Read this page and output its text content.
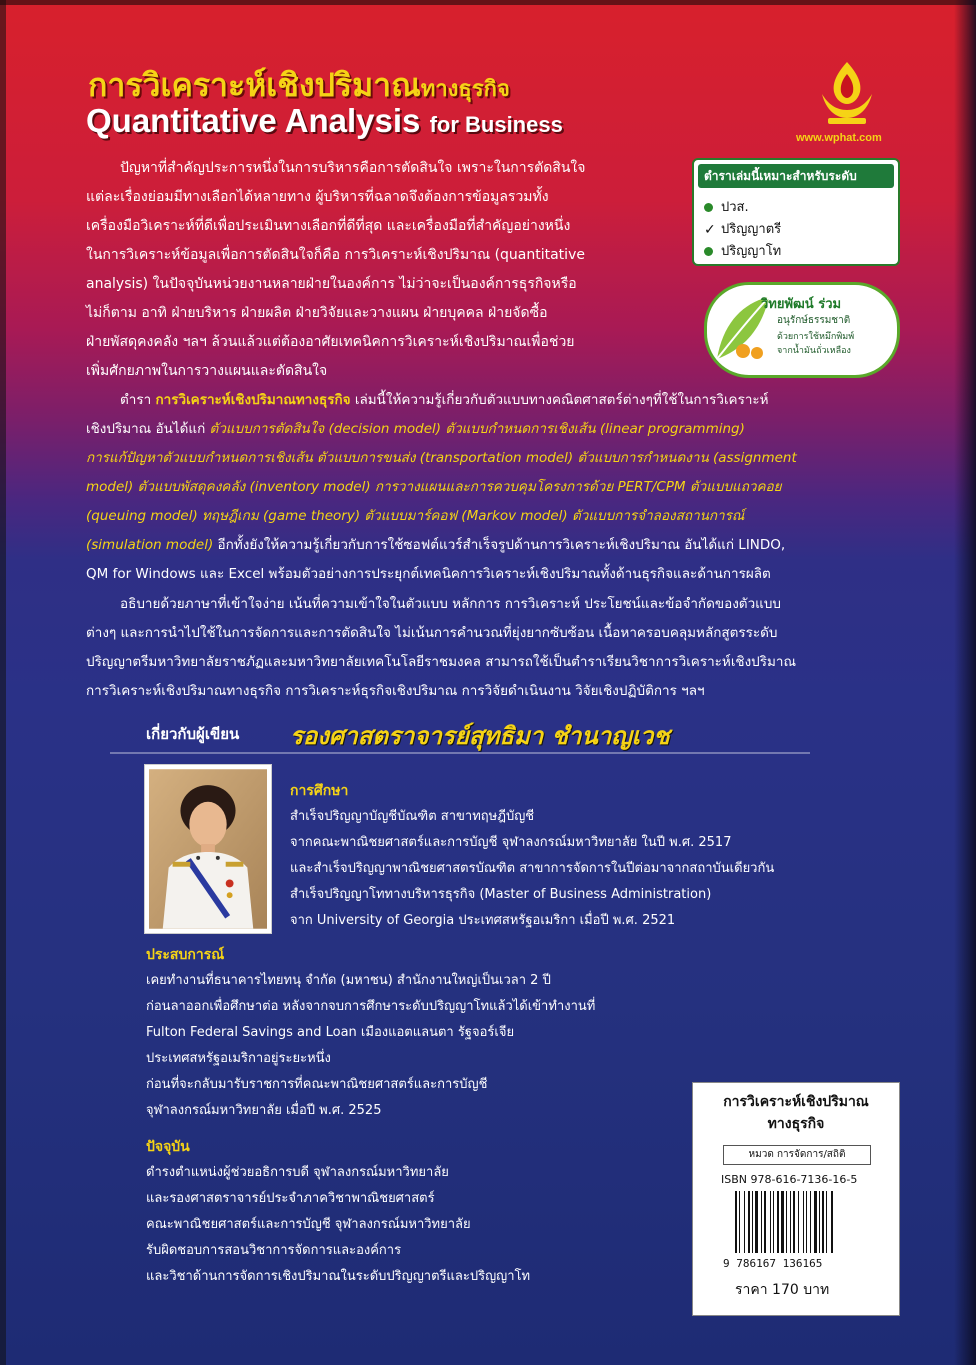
การวิเคราะห์เชิงปริมาณทางธุรกิจ
Quantitative Analysis for Business
www.wphat.com
ตำราเล่มนี้เหมาะสำหรับระดับ
ปวส.
✓ ปริญญาตรี
ปริญญาโท
วิทยพัฒน์ ร่วม
อนุรักษ์ธรรมชาติ
ด้วยการใช้หมึกพิมพ์
จากน้ำมันถั่วเหลือง
ปัญหาที่สำคัญประการหนึ่งในการบริหารคือการตัดสินใจ เพราะในการตัดสินใจ
แต่ละเรื่องย่อมมีทางเลือกได้หลายทาง ผู้บริหารที่ฉลาดจึงต้องการข้อมูลรวมทั้ง
เครื่องมือวิเคราะห์ที่ดีเพื่อประเมินทางเลือกที่ดีที่สุด และเครื่องมือที่สำคัญอย่างหนึ่ง
ในการวิเคราะห์ข้อมูลเพื่อการตัดสินใจก็คือ การวิเคราะห์เชิงปริมาณ (quantitative
analysis) ในปัจจุบันหน่วยงานหลายฝ่ายในองค์การ ไม่ว่าจะเป็นองค์การธุรกิจหรือ
ไม่ก็ตาม อาทิ ฝ่ายบริหาร ฝ่ายผลิต ฝ่ายวิจัยและวางแผน ฝ่ายบุคคล ฝ่ายจัดซื้อ
ฝ่ายพัสดุคงคลัง ฯลฯ ล้วนแล้วแต่ต้องอาศัยเทคนิคการวิเคราะห์เชิงปริมาณเพื่อช่วย
เพิ่มศักยภาพในการวางแผนและตัดสินใจ
ตำรา การวิเคราะห์เชิงปริมาณทางธุรกิจ เล่มนี้ให้ความรู้เกี่ยวกับตัวแบบทางคณิตศาสตร์ต่างๆที่ใช้ในการวิเคราะห์
เชิงปริมาณ อันได้แก่ ตัวแบบการตัดสินใจ (decision model) ตัวแบบกำหนดการเชิงเส้น (linear programming)
การแก้ปัญหาตัวแบบกำหนดการเชิงเส้น ตัวแบบการขนส่ง (transportation model) ตัวแบบการกำหนดงาน (assignment
model) ตัวแบบพัสดุคงคลัง (inventory model) การวางแผนและการควบคุมโครงการด้วย PERT/CPM ตัวแบบแถวคอย
(queuing model) ทฤษฎีเกม (game theory) ตัวแบบมาร์คอฟ (Markov model) ตัวแบบการจำลองสถานการณ์
(simulation model) อีกทั้งยังให้ความรู้เกี่ยวกับการใช้ซอฟต์แวร์สำเร็จรูปด้านการวิเคราะห์เชิงปริมาณ อันได้แก่ LINDO,
QM for Windows และ Excel พร้อมตัวอย่างการประยุกต์เทคนิคการวิเคราะห์เชิงปริมาณทั้งด้านธุรกิจและด้านการผลิต
อธิบายด้วยภาษาที่เข้าใจง่าย เน้นที่ความเข้าใจในตัวแบบ หลักการ การวิเคราะห์ ประโยชน์และข้อจำกัดของตัวแบบ
ต่างๆ และการนำไปใช้ในการจัดการและการตัดสินใจ ไม่เน้นการคำนวณที่ยุ่งยากซับซ้อน เนื้อหาครอบคลุมหลักสูตรระดับ
ปริญญาตรีมหาวิทยาลัยราชภัฏและมหาวิทยาลัยเทคโนโลยีราชมงคล สามารถใช้เป็นตำราเรียนวิชาการวิเคราะห์เชิงปริมาณ
การวิเคราะห์เชิงปริมาณทางธุรกิจ การวิเคราะห์ธุรกิจเชิงปริมาณ การวิจัยดำเนินงาน วิจัยเชิงปฏิบัติการ ฯลฯ
เกี่ยวกับผู้เขียน รองศาสตราจารย์สุทธิมา ชำนาญเวช
การศึกษา
สำเร็จปริญญาบัญชีบัณฑิต สาขาทฤษฎีบัญชี
จากคณะพาณิชยศาสตร์และการบัญชี จุฬาลงกรณ์มหาวิทยาลัย ในปี พ.ศ. 2517
และสำเร็จปริญญาพาณิชยศาสตรบัณฑิต สาขาการจัดการในปีต่อมาจากสถาบันเดียวกัน
สำเร็จปริญญาโททางบริหารธุรกิจ (Master of Business Administration)
จาก University of Georgia ประเทศสหรัฐอเมริกา เมื่อปี พ.ศ. 2521
ประสบการณ์
เคยทำงานที่ธนาคารไทยทนุ จำกัด (มหาชน) สำนักงานใหญ่เป็นเวลา 2 ปี
ก่อนลาออกเพื่อศึกษาต่อ หลังจากจบการศึกษาระดับปริญญาโทแล้วได้เข้าทำงานที่
Fulton Federal Savings and Loan เมืองแอตแลนตา รัฐจอร์เจีย
ประเทศสหรัฐอเมริกาอยู่ระยะหนึ่ง
ก่อนที่จะกลับมารับราชการที่คณะพาณิชยศาสตร์และการบัญชี
จุฬาลงกรณ์มหาวิทยาลัย เมื่อปี พ.ศ. 2525
ปัจจุบัน
ดำรงตำแหน่งผู้ช่วยอธิการบดี จุฬาลงกรณ์มหาวิทยาลัย
และรองศาสตราจารย์ประจำภาควิชาพาณิชยศาสตร์
คณะพาณิชยศาสตร์และการบัญชี จุฬาลงกรณ์มหาวิทยาลัย
รับผิดชอบการสอนวิชาการจัดการและองค์การ
และวิชาด้านการจัดการเชิงปริมาณในระดับปริญญาตรีและปริญญาโท
การวิเคราะห์เชิงปริมาณ
ทางธุรกิจ
หมวด การจัดการ/สถิติ
ISBN 978-616-7136-16-5
9 786167 136165
ราคา 170 บาท
